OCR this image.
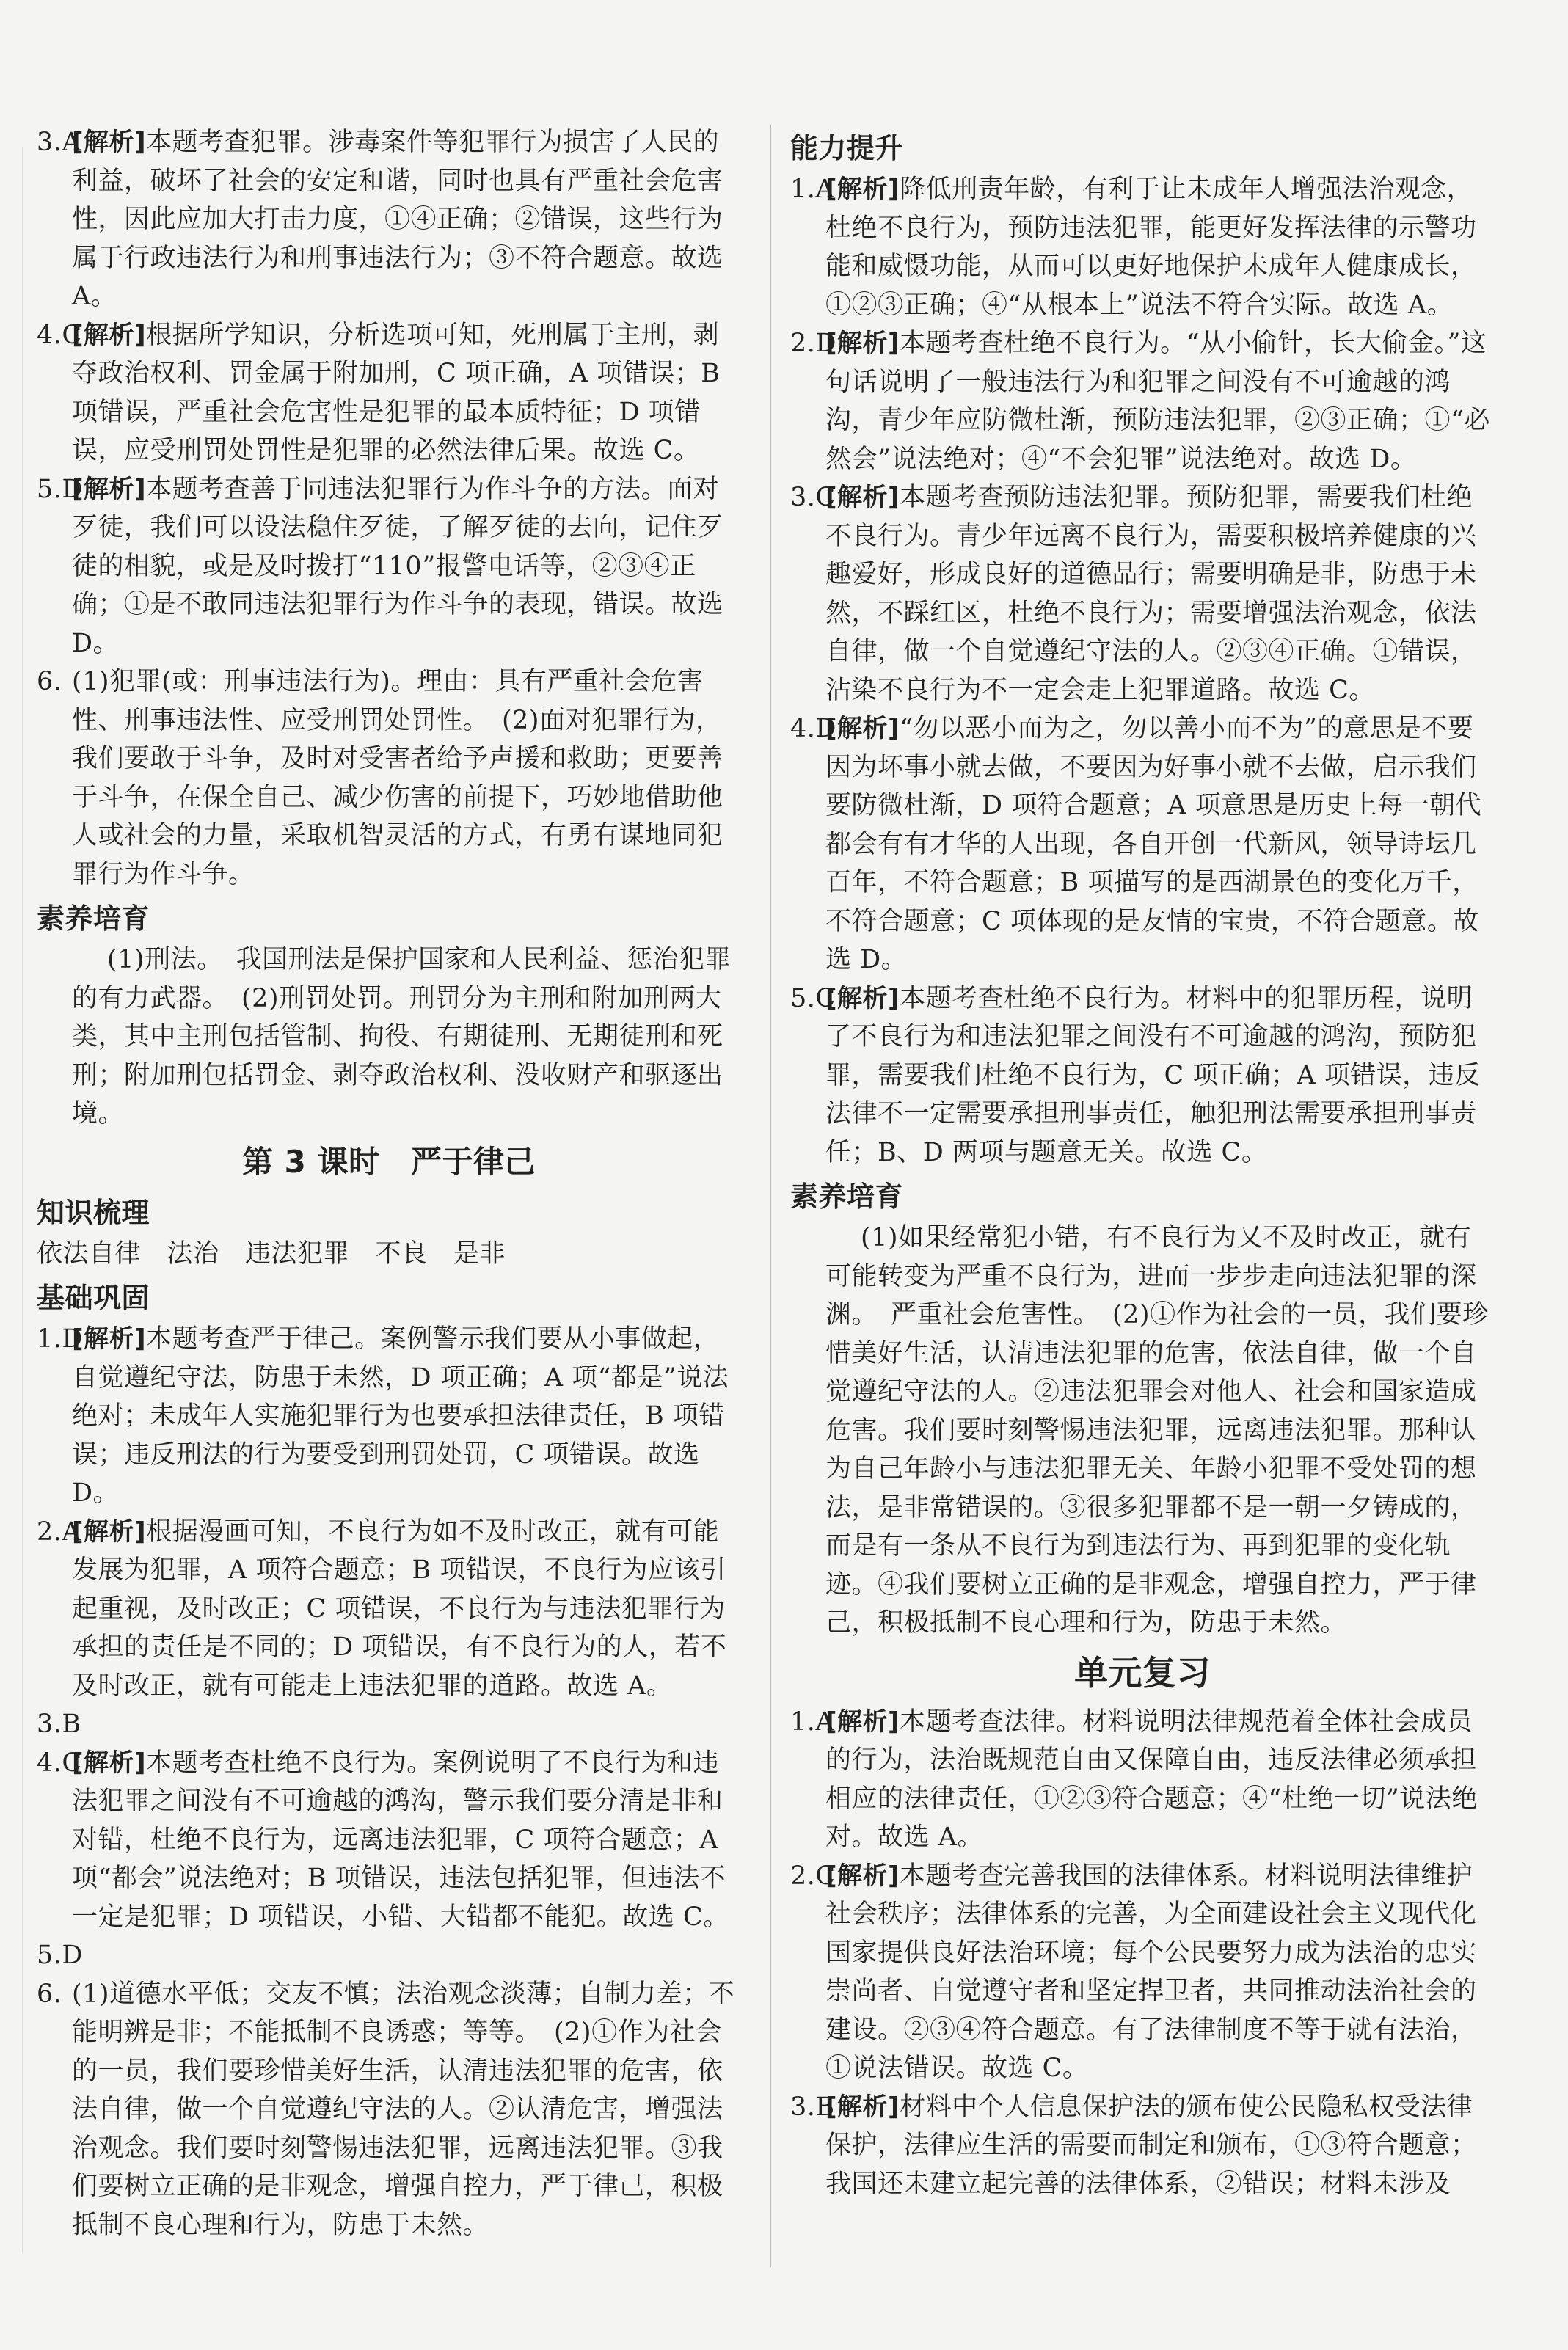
3.A[解析]本题考查犯罪。涉毒案件等犯罪行为损害了人民的利益，破坏了社会的安定和谐，同时也具有严重社会危害性，因此应加大打击力度，①④正确；②错误，这些行为属于行政违法行为和刑事违法行为；③不符合题意。故选 A。

4.C[解析]根据所学知识，分析选项可知，死刑属于主刑，剥夺政治权利、罚金属于附加刑，C 项正确，A 项错误；B 项错误，严重社会危害性是犯罪的最本质特征；D 项错误，应受刑罚处罚性是犯罪的必然法律后果。故选 C。

5.D[解析]本题考查善于同违法犯罪行为作斗争的方法。面对歹徒，我们可以设法稳住歹徒，了解歹徒的去向，记住歹徒的相貌，或是及时拨打“110”报警电话等，②③④正确；①是不敢同违法犯罪行为作斗争的表现，错误。故选 D。

6. (1)犯罪(或：刑事违法行为)。理由：具有严重社会危害性、刑事违法性、应受刑罚处罚性。　(2)面对犯罪行为，我们要敢于斗争，及时对受害者给予声援和救助；更要善于斗争，在保全自己、减少伤害的前提下，巧妙地借助他人或社会的力量，采取机智灵活的方式，有勇有谋地同犯罪行为作斗争。

素养培育

(1)刑法。　我国刑法是保护国家和人民利益、惩治犯罪的有力武器。　(2)刑罚处罚。刑罚分为主刑和附加刑两大类，其中主刑包括管制、拘役、有期徒刑、无期徒刑和死刑；附加刑包括罚金、剥夺政治权利、没收财产和驱逐出境。

第 3 课时　严于律己
知识梳理

依法自律　法治　违法犯罪　不良　是非

基础巩固

1.D[解析]本题考查严于律己。案例警示我们要从小事做起，自觉遵纪守法，防患于未然，D 项正确；A 项“都是”说法绝对；未成年人实施犯罪行为也要承担法律责任，B 项错误；违反刑法的行为要受到刑罚处罚，C 项错误。故选 D。

2.A[解析]根据漫画可知，不良行为如不及时改正，就有可能发展为犯罪，A 项符合题意；B 项错误，不良行为应该引起重视，及时改正；C 项错误，不良行为与违法犯罪行为承担的责任是不同的；D 项错误，有不良行为的人，若不及时改正，就有可能走上违法犯罪的道路。故选 A。

3.B

4.C[解析]本题考查杜绝不良行为。案例说明了不良行为和违法犯罪之间没有不可逾越的鸿沟，警示我们要分清是非和对错，杜绝不良行为，远离违法犯罪，C 项符合题意；A 项“都会”说法绝对；B 项错误，违法包括犯罪，但违法不一定是犯罪；D 项错误，小错、大错都不能犯。故选 C。

5.D

6. (1)道德水平低；交友不慎；法治观念淡薄；自制力差；不能明辨是非；不能抵制不良诱惑；等等。　(2)①作为社会的一员，我们要珍惜美好生活，认清违法犯罪的危害，依法自律，做一个自觉遵纪守法的人。②认清危害，增强法治观念。我们要时刻警惕违法犯罪，远离违法犯罪。③我们要树立正确的是非观念，增强自控力，严于律己，积极抵制不良心理和行为，防患于未然。

能力提升

1.A[解析]降低刑责年龄，有利于让未成年人增强法治观念，杜绝不良行为，预防违法犯罪，能更好发挥法律的示警功能和威慑功能，从而可以更好地保护未成年人健康成长，①②③正确；④“从根本上”说法不符合实际。故选 A。

2.D[解析]本题考查杜绝不良行为。“从小偷针，长大偷金。”这句话说明了一般违法行为和犯罪之间没有不可逾越的鸿沟，青少年应防微杜渐，预防违法犯罪，②③正确；①“必然会”说法绝对；④“不会犯罪”说法绝对。故选 D。

3.C[解析]本题考查预防违法犯罪。预防犯罪，需要我们杜绝不良行为。青少年远离不良行为，需要积极培养健康的兴趣爱好，形成良好的道德品行；需要明确是非，防患于未然，不踩红区，杜绝不良行为；需要增强法治观念，依法自律，做一个自觉遵纪守法的人。②③④正确。①错误，沾染不良行为不一定会走上犯罪道路。故选 C。

4.D[解析]“勿以恶小而为之，勿以善小而不为”的意思是不要因为坏事小就去做，不要因为好事小就不去做，启示我们要防微杜渐，D 项符合题意；A 项意思是历史上每一朝代都会有有才华的人出现，各自开创一代新风，领导诗坛几百年，不符合题意；B 项描写的是西湖景色的变化万千，不符合题意；C 项体现的是友情的宝贵，不符合题意。故选 D。

5.C[解析]本题考查杜绝不良行为。材料中的犯罪历程，说明了不良行为和违法犯罪之间没有不可逾越的鸿沟，预防犯罪，需要我们杜绝不良行为，C 项正确；A 项错误，违反法律不一定需要承担刑事责任，触犯刑法需要承担刑事责任；B、D 两项与题意无关。故选 C。

素养培育

(1)如果经常犯小错，有不良行为又不及时改正，就有可能转变为严重不良行为，进而一步步走向违法犯罪的深渊。　严重社会危害性。　(2)①作为社会的一员，我们要珍惜美好生活，认清违法犯罪的危害，依法自律，做一个自觉遵纪守法的人。②违法犯罪会对他人、社会和国家造成危害。我们要时刻警惕违法犯罪，远离违法犯罪。那种认为自己年龄小与违法犯罪无关、年龄小犯罪不受处罚的想法，是非常错误的。③很多犯罪都不是一朝一夕铸成的，而是有一条从不良行为到违法行为、再到犯罪的变化轨迹。④我们要树立正确的是非观念，增强自控力，严于律己，积极抵制不良心理和行为，防患于未然。

单元复习

1.A[解析]本题考查法律。材料说明法律规范着全体社会成员的行为，法治既规范自由又保障自由，违反法律必须承担相应的法律责任，①②③符合题意；④“杜绝一切”说法绝对。故选 A。

2.C[解析]本题考查完善我国的法律体系。材料说明法律维护社会秩序；法律体系的完善，为全面建设社会主义现代化国家提供良好法治环境；每个公民要努力成为法治的忠实崇尚者、自觉遵守者和坚定捍卫者，共同推动法治社会的建设。②③④符合题意。有了法律制度不等于就有法治，①说法错误。故选 C。

3.B[解析]材料中个人信息保护法的颁布使公民隐私权受法律保护，法律应生活的需要而制定和颁布，①③符合题意；我国还未建立起完善的法律体系，②错误；材料未涉及
